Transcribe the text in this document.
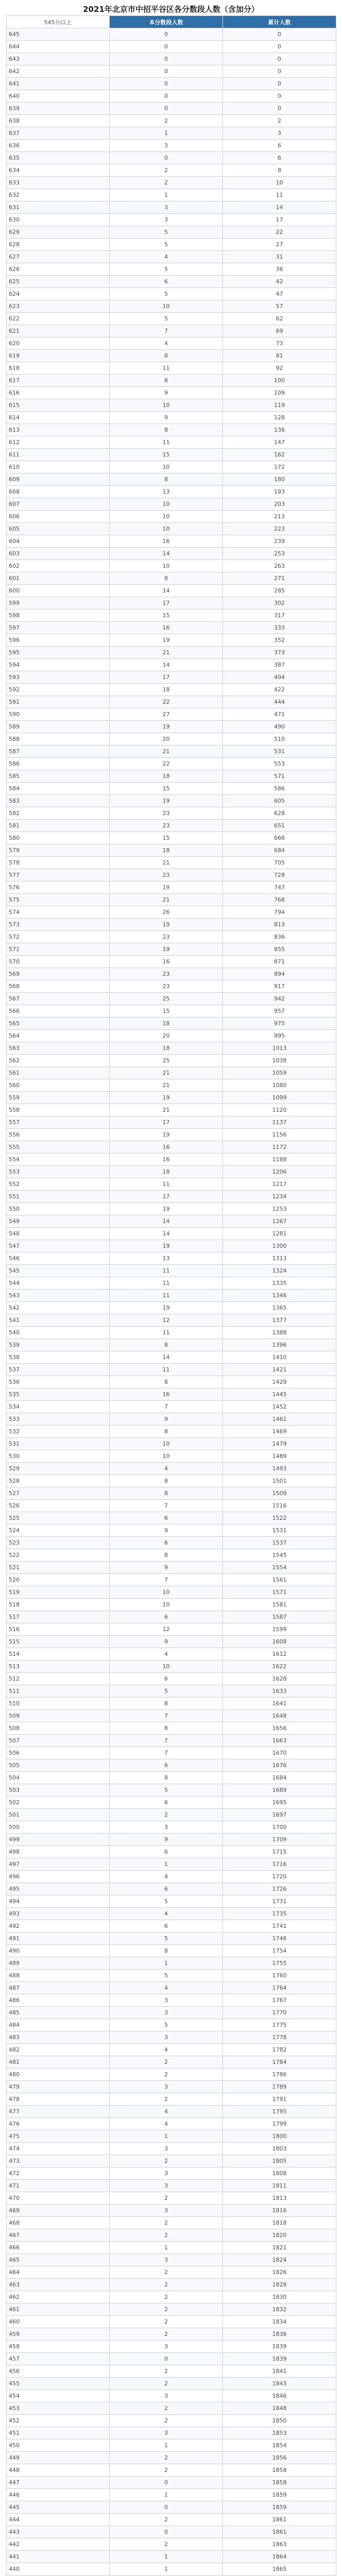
2021年北京市中招平谷区各分数段人数（含加分）
545分以上	本分数段人数	累计人数
645	0	0
644	0	0
643	0	0
642	0	0
641	0	0
640	0	0
639	0	0
638	2	2
637	1	3
636	3	6
635	0	6
634	2	8
633	2	10
632	1	11
631	3	14
630	3	17
629	5	22
628	5	27
627	4	31
626	5	36
625	6	42
624	5	47
623	10	57
622	5	62
621	7	69
620	4	73
619	8	81
618	11	92
617	8	100
616	9	109
615	10	119
614	9	128
613	8	136
612	11	147
611	15	162
610	10	172
609	8	180
608	13	193
607	10	203
606	10	213
605	10	223
604	16	239
603	14	253
602	10	263
601	8	271
600	14	285
599	17	302
598	15	317
597	16	333
596	19	352
595	21	373
594	14	387
593	17	404
592	18	422
591	22	444
590	27	471
589	19	490
588	20	510
587	21	531
586	22	553
585	18	571
584	15	586
583	19	605
582	23	628
581	23	651
580	15	666
579	18	684
578	21	705
577	23	728
576	19	747
575	21	768
574	26	794
573	19	813
572	23	836
571	19	855
570	16	871
569	23	894
568	23	917
567	25	942
566	15	957
565	18	975
564	20	995
563	18	1013
562	25	1038
561	21	1059
560	21	1080
559	19	1099
558	21	1120
557	17	1137
556	19	1156
555	16	1172
554	16	1188
553	18	1206
552	11	1217
551	17	1234
550	19	1253
549	14	1267
548	14	1281
547	19	1300
546	13	1313
545	11	1324
544	11	1335
543	11	1346
542	19	1365
541	12	1377
540	11	1388
539	8	1396
538	14	1410
537	11	1421
536	8	1429
535	16	1445
534	7	1452
533	9	1461
532	8	1469
531	10	1479
530	10	1489
529	4	1493
528	8	1501
527	8	1509
526	7	1516
525	6	1522
524	9	1531
523	6	1537
522	8	1545
521	9	1554
520	7	1561
519	10	1571
518	10	1581
517	6	1587
516	12	1599
515	9	1608
514	4	1612
513	10	1622
512	6	1628
511	5	1633
510	8	1641
509	7	1648
508	8	1656
507	7	1663
506	7	1670
505	6	1676
504	8	1684
503	5	1689
502	6	1695
501	2	1697
500	3	1700
499	9	1709
498	6	1715
497	1	1716
496	4	1720
495	6	1726
494	5	1731
493	4	1735
492	6	1741
491	5	1746
490	8	1754
489	1	1755
488	5	1760
487	4	1764
486	3	1767
485	3	1770
484	5	1775
483	3	1778
482	4	1782
481	2	1784
480	2	1786
479	3	1789
478	2	1791
477	4	1795
476	4	1799
475	1	1800
474	3	1803
473	2	1805
472	3	1808
471	3	1811
470	2	1813
469	3	1816
468	2	1818
467	2	1820
466	1	1821
465	3	1824
464	2	1826
463	2	1828
462	2	1830
461	2	1832
460	2	1834
459	2	1836
458	3	1839
457	0	1839
456	2	1841
455	2	1843
454	3	1846
453	2	1848
452	2	1850
451	3	1853
450	1	1854
449	2	1856
448	2	1858
447	0	1858
446	1	1859
445	0	1859
444	2	1861
443	0	1861
442	2	1863
441	1	1864
440	1	1865
